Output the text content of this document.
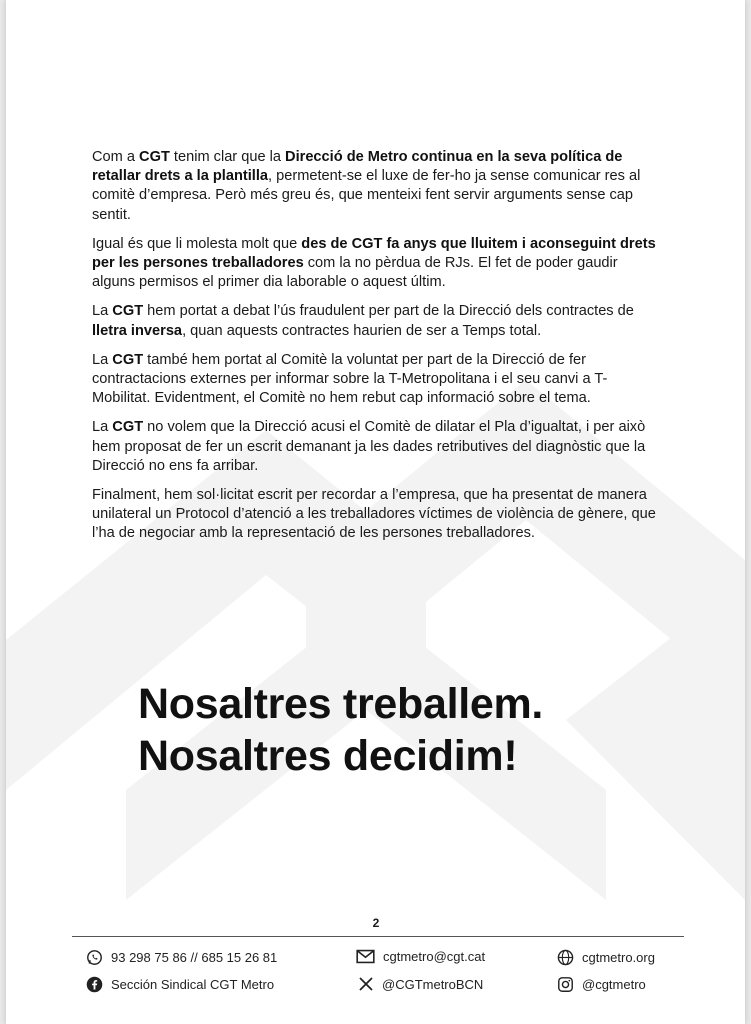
Com a CGT tenim clar que la Direcció de Metro continua en la seva política de retallar drets a la plantilla, permetent-se el luxe de fer-ho ja sense comunicar res al comitè d’empresa. Però més greu és, que menteixi fent servir arguments sense cap sentit.

Igual és que li molesta molt que des de CGT fa anys que lluitem i aconseguint drets per les persones treballadores com la no pèrdua de RJs. El fet de poder gaudir alguns permisos el primer dia laborable o aquest últim.

La CGT hem portat a debat l’ús fraudulent per part de la Direcció dels contractes de lletra inversa, quan aquests contractes haurien de ser a Temps total.

La CGT també hem portat al Comitè la voluntat per part de la Direcció de fer contractacions externes per informar sobre la T-Metropolitana i el seu canvi a T-Mobilitat. Evidentment, el Comitè no hem rebut cap informació sobre el tema.

La CGT no volem que la Direcció acusi el Comitè de dilatar el Pla d’igualtat, i per això hem proposat de fer un escrit demanant ja les dades retributives del diagnòstic que la Direcció no ens fa arribar.

Finalment, hem sol·licitat escrit per recordar a l’empresa, que ha presentat de manera unilateral un Protocol d’atenció a les treballadores víctimes de violència de gènere, que l’ha de negociar amb la representació de les persones treballadores.

Nosaltres treballem.
Nosaltres decidim!
2
93 298 75 86 // 685 15 26 81	cgtmetro@cgt.cat	cgtmetro.org
Sección Sindical CGT Metro	@CGTmetroBCN	@cgtmetro
